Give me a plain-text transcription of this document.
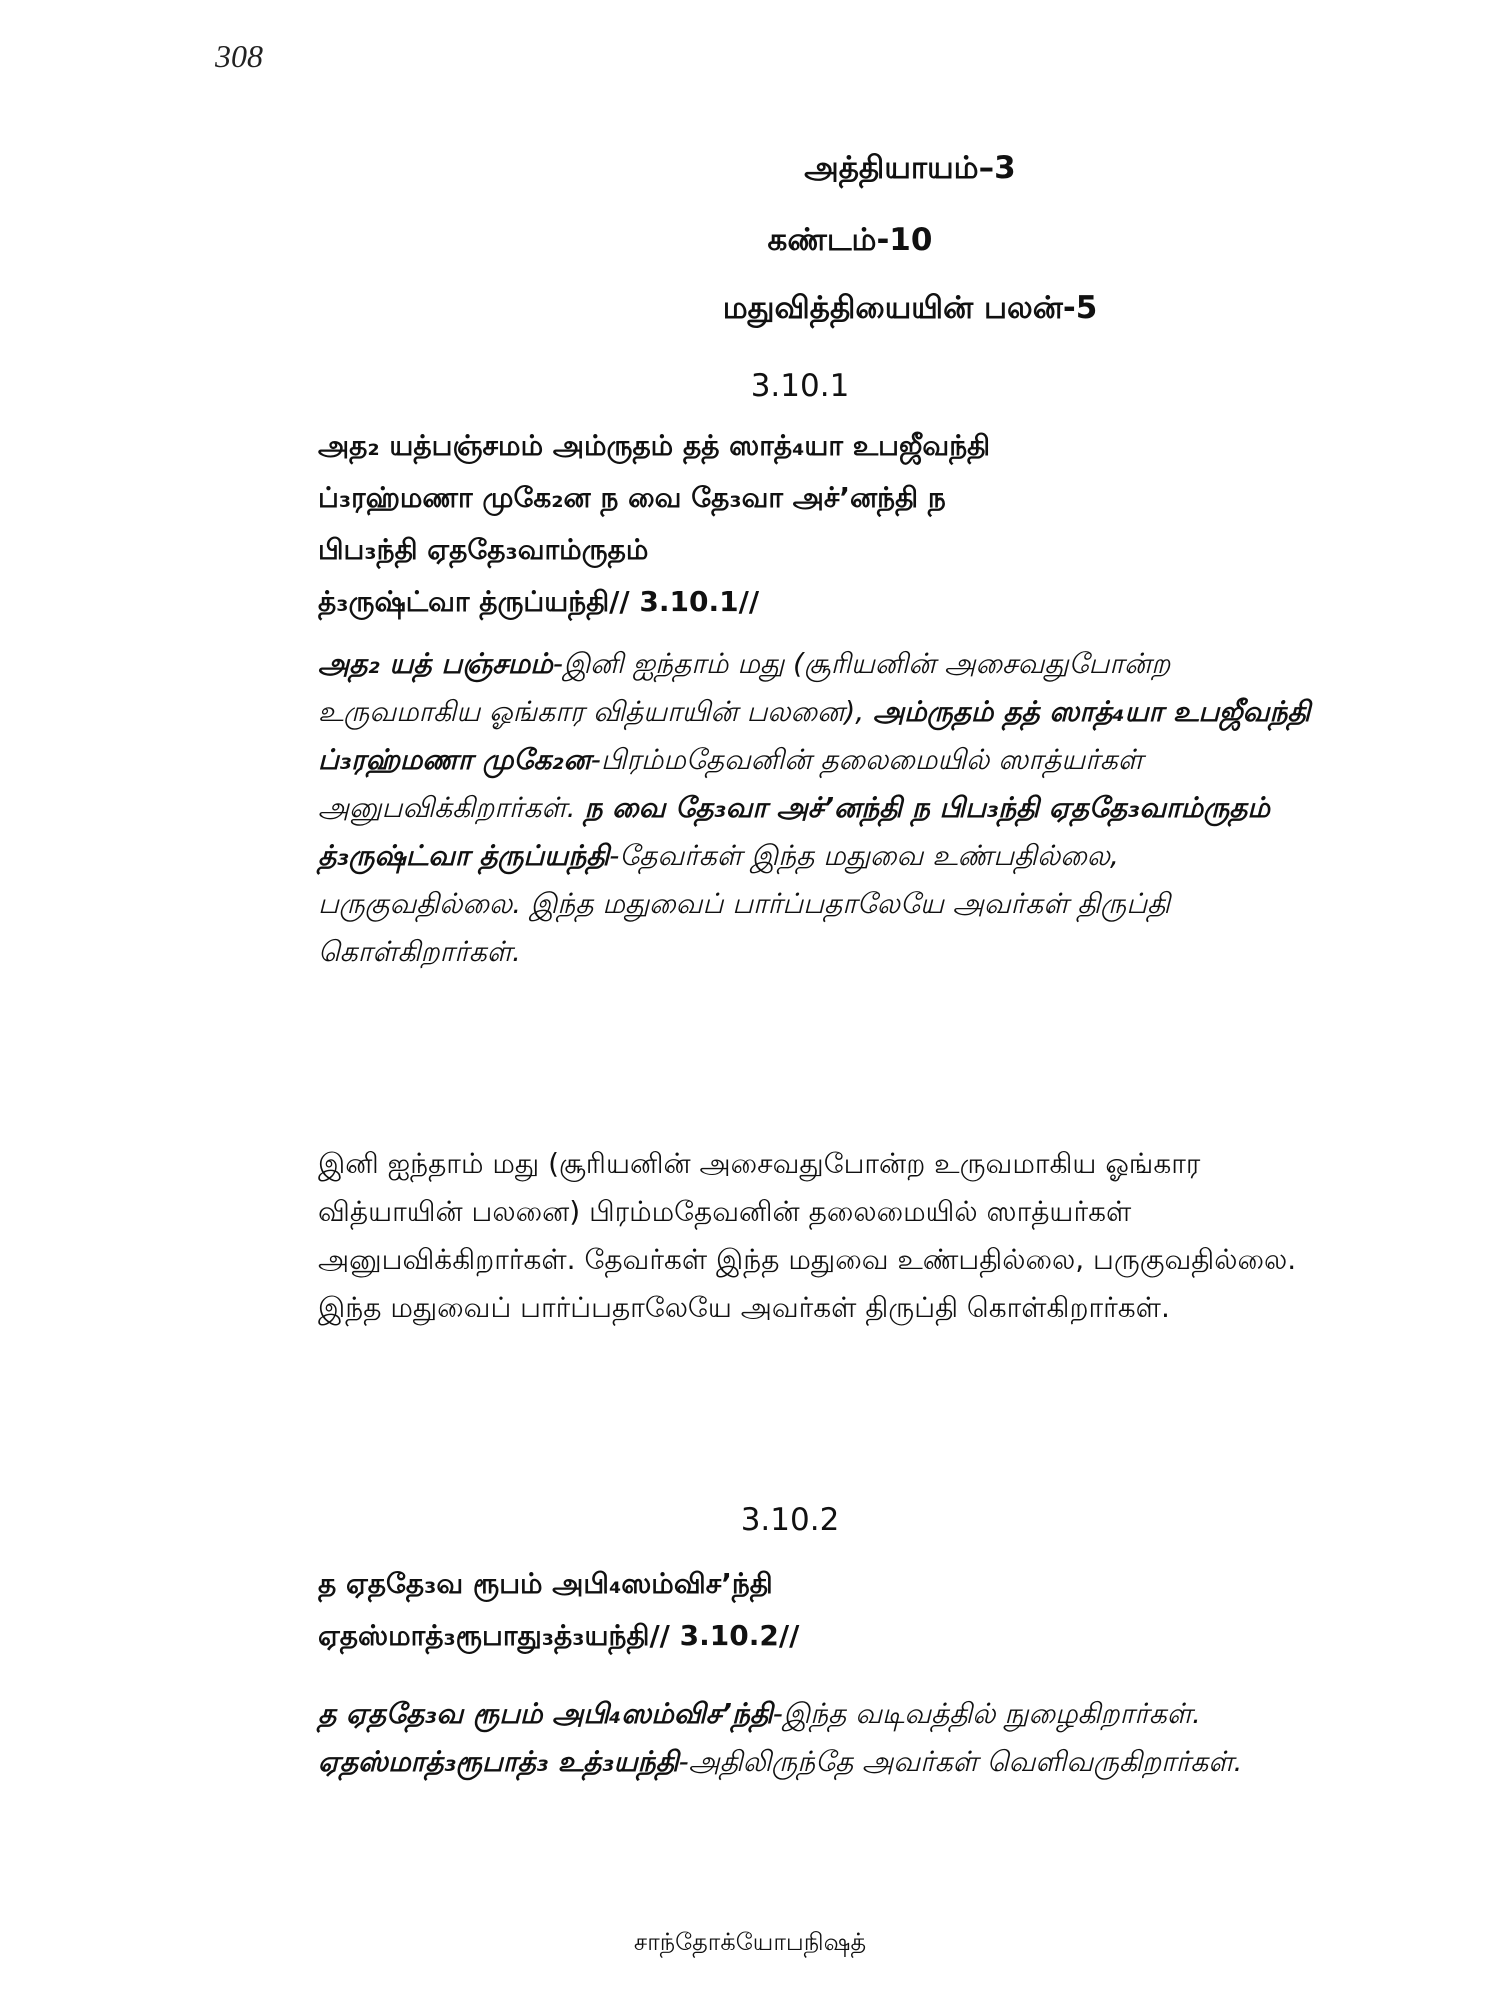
308
அத்தியாயம்–3
கண்டம்-10
மதுவித்தியையின் பலன்-5
3.10.1

அத₂ யத்பஞ்சமம் அம்ருதம் தத் ஸாத்₄யா உபஜீவந்தி

ப்₃ரஹ்மணா முகே₂ன ந வை தே₃வா அச்’னந்தி ந

பிப₃ந்தி ஏததே₃வாம்ருதம்

த்₃ருஷ்ட்வா த்ருப்யந்தி// 3.10.1//

அத₂ யத் பஞ்சமம்-இனி ஐந்தாம் மது (சூரியனின் அசைவதுபோன்ற உருவமாகிய ஓங்கார வித்யாயின் பலனை), அம்ருதம் தத் ஸாத்₄யா உபஜீவந்தி ப்₃ரஹ்மணா முகே₂ன-பிரம்மதேவனின் தலைமையில் ஸாத்யர்கள் அனுபவிக்கிறார்கள். ந வை தே₃வா அச்’னந்தி ந பிப₃ந்தி ஏததே₃வாம்ருதம் த்₃ருஷ்ட்வா த்ருப்யந்தி-தேவர்கள் இந்த மதுவை உண்பதில்லை, பருகுவதில்லை. இந்த மதுவைப் பார்ப்பதாலேயே அவர்கள் திருப்தி கொள்கிறார்கள்.

இனி ஐந்தாம் மது (சூரியனின் அசைவதுபோன்ற உருவமாகிய ஓங்கார வித்யாயின் பலனை) பிரம்மதேவனின் தலைமையில் ஸாத்யர்கள் அனுபவிக்கிறார்கள். தேவர்கள் இந்த மதுவை உண்பதில்லை, பருகுவதில்லை. இந்த மதுவைப் பார்ப்பதாலேயே அவர்கள் திருப்தி கொள்கிறார்கள்.

3.10.2

த ஏததே₃வ ரூபம் அபி₄ஸம்விச’ந்தி

ஏதஸ்மாத்₃ரூபாது₃த்₃யந்தி// 3.10.2//

த ஏததே₃வ ரூபம் அபி₄ஸம்விச’ந்தி-இந்த வடிவத்தில் நுழைகிறார்கள். ஏதஸ்மாத்₃ரூபாத்₃ உத்₃யந்தி-அதிலிருந்தே அவர்கள் வெளிவருகிறார்கள்.
சாந்தோக்யோபநிஷத்
